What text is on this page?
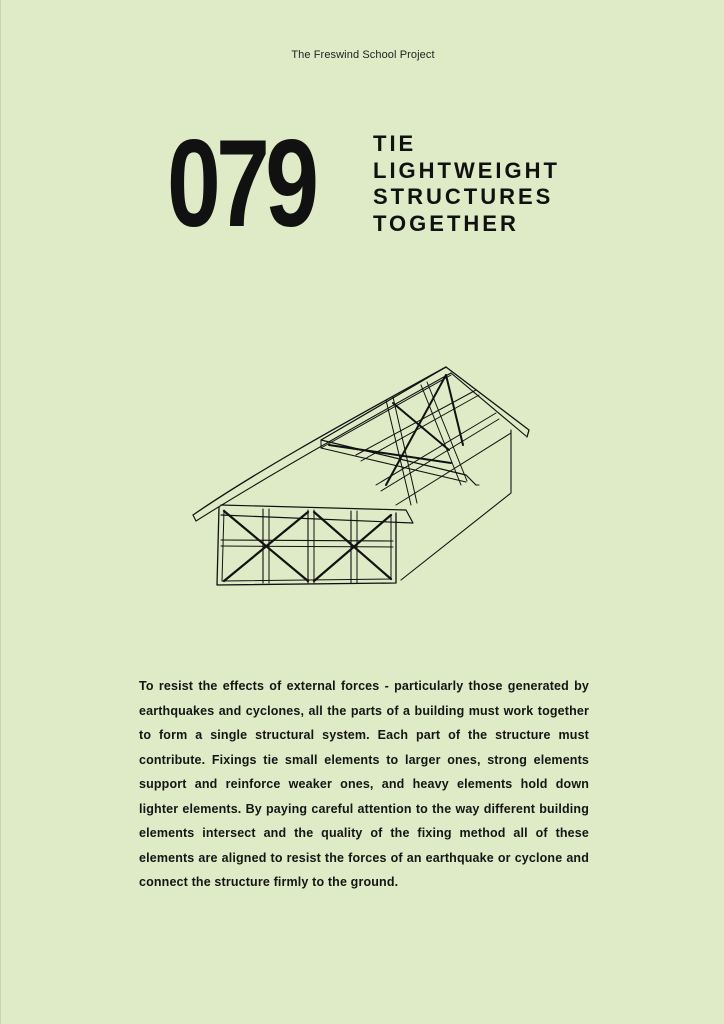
The Freswind School Project
079	TIE
LIGHTWEIGHT
STRUCTURES
TOGETHER
To resist the effects of external forces - particularly those generated by earthquakes and cyclones, all the parts of a building must work together to form a single structural system. Each part of the structure must contribute. Fixings tie small elements to larger ones, strong elements support and reinforce weaker ones, and heavy elements hold down lighter elements. By paying careful attention to the way different building elements intersect and the quality of the fixing method all of these elements are aligned to resist the forces of an earthquake or cyclone and connect the structure firmly to the ground.
